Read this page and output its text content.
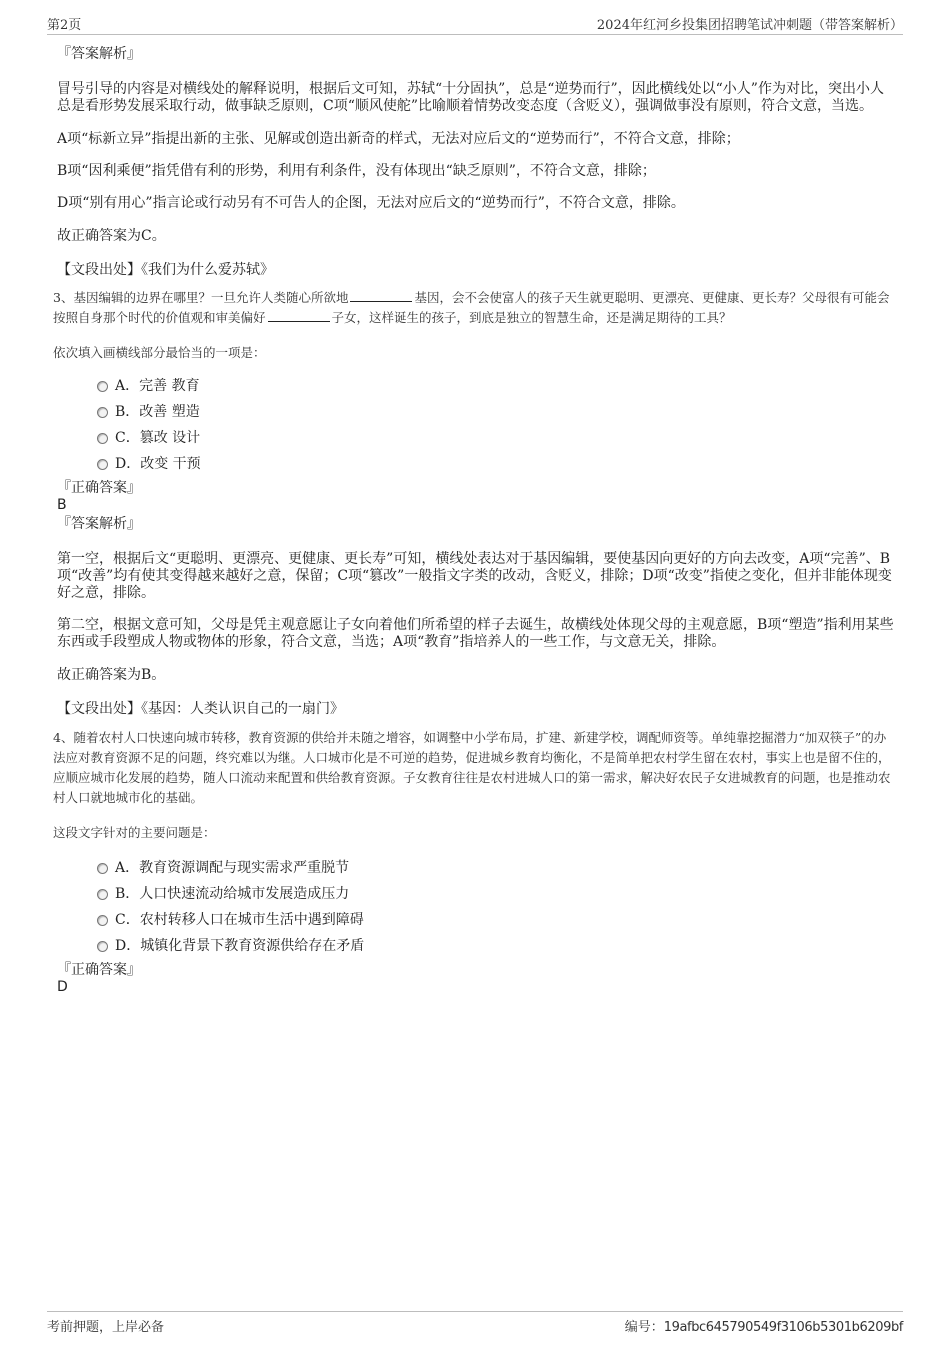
第2页	2024年红河乡投集团招聘笔试冲刺题（带答案解析）

『答案解析』

冒号引导的内容是对横线处的解释说明，根据后文可知，苏轼“十分固执”，总是“逆势而行”，因此横线处以“小人”作为对比，突出小人总是看形势发展采取行动，做事缺乏原则，C项“顺风使舵”比喻顺着情势改变态度（含贬义），强调做事没有原则，符合文意，当选。

A项“标新立异”指提出新的主张、见解或创造出新奇的样式，无法对应后文的“逆势而行”，不符合文意，排除；

B项“因利乘便”指凭借有利的形势，利用有利条件，没有体现出“缺乏原则”，不符合文意，排除；

D项“别有用心”指言论或行动另有不可告人的企图，无法对应后文的“逆势而行”，不符合文意，排除。

故正确答案为C。

【文段出处】《我们为什么爱苏轼》

3、基因编辑的边界在哪里？一旦允许人类随心所欲地	基因，会不会使富人的孩子天生就更聪明、更漂亮、更健康、更长寿？父母很有可能会按照自身那个时代的价值观和审美偏好	子女，这样诞生的孩子，到底是独立的智慧生命，还是满足期待的工具？

依次填入画横线部分最恰当的一项是：

A．完善 教育
B．改善 塑造
C．篡改 设计
D．改变 干预

『正确答案』

B

『答案解析』

第一空，根据后文“更聪明、更漂亮、更健康、更长寿”可知，横线处表达对于基因编辑，要使基因向更好的方向去改变，A项“完善”、B项“改善”均有使其变得越来越好之意，保留；C项“篡改”一般指文字类的改动，含贬义，排除；D项“改变”指使之变化，但并非能体现变好之意，排除。

第二空，根据文意可知，父母是凭主观意愿让子女向着他们所希望的样子去诞生，故横线处体现父母的主观意愿，B项“塑造”指利用某些东西或手段塑成人物或物体的形象，符合文意，当选；A项“教育”指培养人的一些工作，与文意无关，排除。

故正确答案为B。

【文段出处】《基因：人类认识自己的一扇门》

4、随着农村人口快速向城市转移，教育资源的供给并未随之增容，如调整中小学布局，扩建、新建学校，调配师资等。单纯靠挖掘潜力“加双筷子”的办法应对教育资源不足的问题，终究难以为继。人口城市化是不可逆的趋势，促进城乡教育均衡化，不是简单把农村学生留在农村，事实上也是留不住的，应顺应城市化发展的趋势，随人口流动来配置和供给教育资源。子女教育往往是农村进城人口的第一需求，解决好农民子女进城教育的问题，也是推动农村人口就地城市化的基础。

这段文字针对的主要问题是：

A．教育资源调配与现实需求严重脱节
B．人口快速流动给城市发展造成压力
C．农村转移人口在城市生活中遇到障碍
D．城镇化背景下教育资源供给存在矛盾

『正确答案』

D

考前押题，上岸必备	编号：19afbc645790549f3106b5301b6209bf
